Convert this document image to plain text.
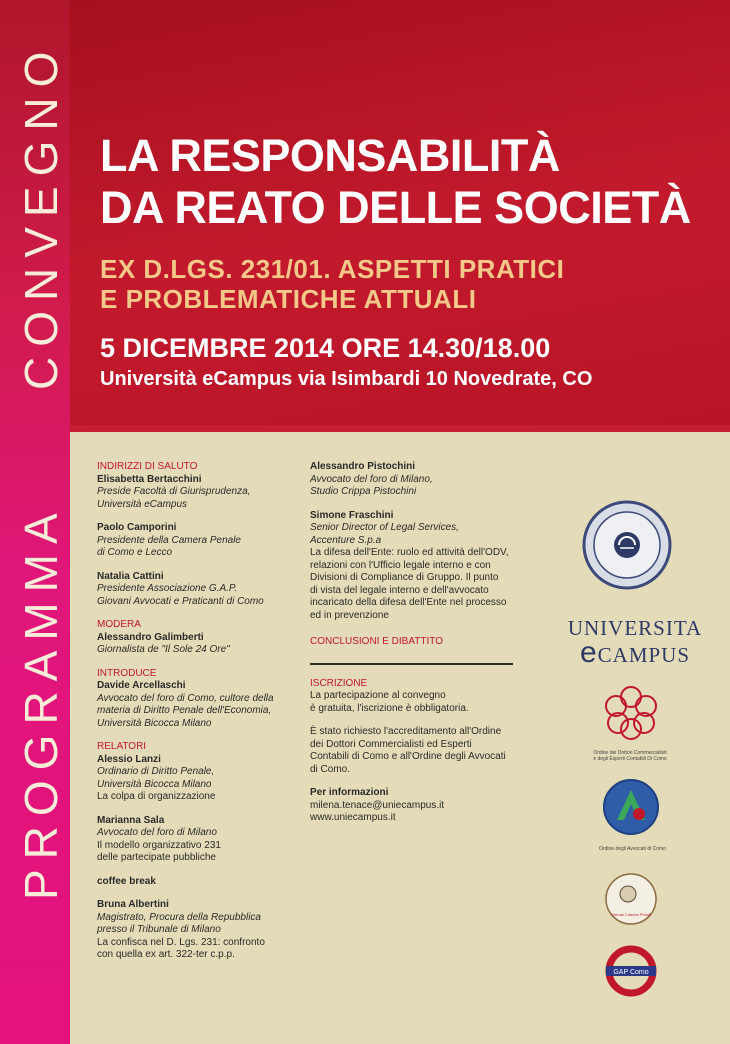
CONVEGNO
PROGRAMMA
LA RESPONSABILITÀ
DA REATO DELLE SOCIETÀ
EX D.LGS. 231/01. ASPETTI PRATICI
E PROBLEMATICHE ATTUALI
5 DICEMBRE 2014 ORE 14.30/18.00
Università eCampus via Isimbardi 10 Novedrate, CO
INDIRIZZI DI SALUTO
Elisabetta Bertacchini
Preside Facoltà di Giurisprudenza,
Università eCampus
Paolo Camporini
Presidente della Camera Penale
di Como e Lecco
Natalia Cattini
Presidente Associazione G.A.P.
Giovani Avvocati e Praticanti di Como
MODERA
Alessandro Galimberti
Giornalista de "Il Sole 24 Ore"
INTRODUCE
Davide Arcellaschi
Avvocato del foro di Como, cultore della
materia di Diritto Penale dell'Economia,
Università Bicocca Milano
RELATORI
Alessio Lanzi
Ordinario di Diritto Penale,
Università Bicocca Milano
La colpa di organizzazione
Marianna Sala
Avvocato del foro di Milano
Il modello organizzativo 231
delle partecipate pubbliche
coffee break
Bruna Albertini
Magistrato, Procura della Repubblica
presso il Tribunale di Milano
La confisca nel D. Lgs. 231: confronto
con quella ex art. 322-ter c.p.p.
Alessandro Pistochini
Avvocato del foro di Milano,
Studio Crippa Pistochini
Simone Fraschini
Senior Director of Legal Services,
Accenture S.p.a
La difesa dell'Ente: ruolo ed attività dell'ODV,
relazioni con l'Ufficio legale interno e con
Divisioni di Compliance di Gruppo. Il punto
di vista del legale interno e dell'avvocato
incaricato della difesa dell'Ente nel processo
ed in prevenzione
CONCLUSIONI E DIBATTITO
ISCRIZIONE
La partecipazione al convegno
è gratuita, l'iscrizione è obbligatoria.
È stato richiesto l'accreditamento all'Ordine
dei Dottori Commercialisti ed Esperti
Contabili di Como e all'Ordine degli Avvocati
di Como.
Per informazioni
milena.tenace@uniecampus.it
www.uniecampus.it
UNIVERSITA
eCAMPUS
Ordine dei Dottori Commercialisti
e degli Esperti Contabili Di Como
Ordine degli Avvocati di Como
Unione Camere Penali
GAP Como
